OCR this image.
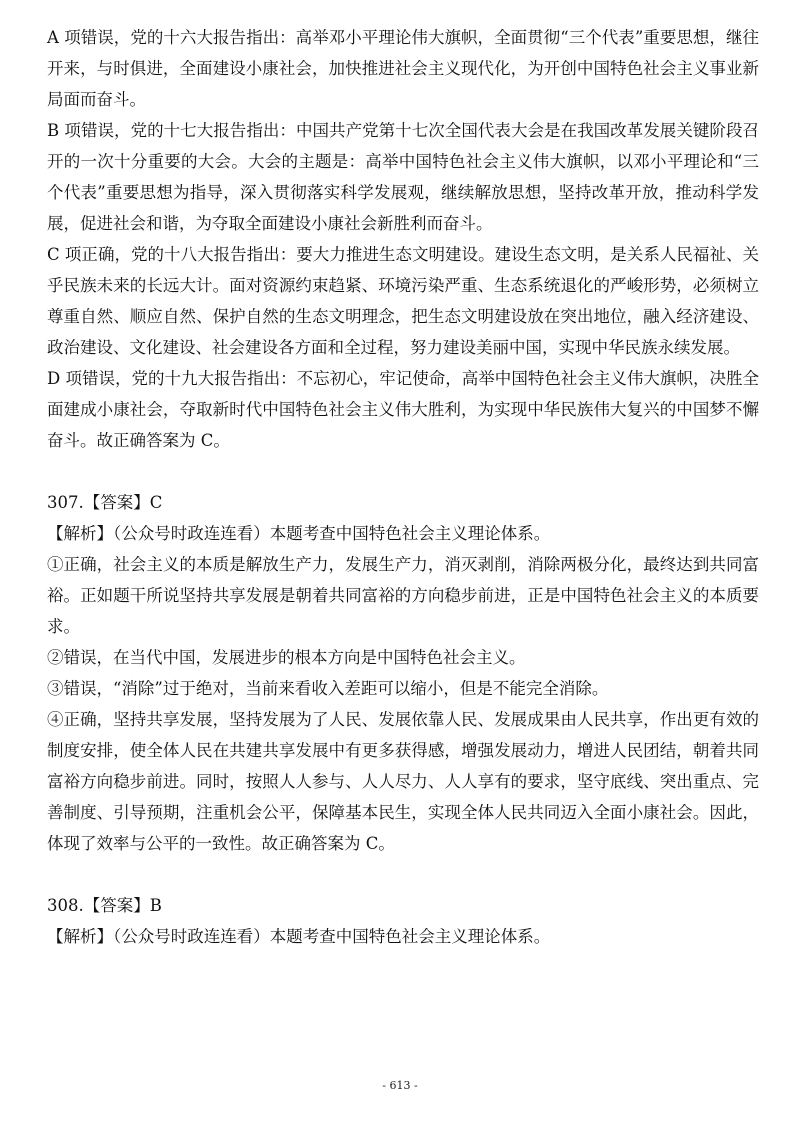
A 项错误，党的十六大报告指出：高举邓小平理论伟大旗帜，全面贯彻“三个代表”重要思想，继往开来，与时俱进，全面建设小康社会，加快推进社会主义现代化，为开创中国特色社会主义事业新局面而奋斗。

B 项错误，党的十七大报告指出：中国共产党第十七次全国代表大会是在我国改革发展关键阶段召开的一次十分重要的大会。大会的主题是：高举中国特色社会主义伟大旗帜，以邓小平理论和“三个代表”重要思想为指导，深入贯彻落实科学发展观，继续解放思想，坚持改革开放，推动科学发展，促进社会和谐，为夺取全面建设小康社会新胜利而奋斗。

C 项正确，党的十八大报告指出：要大力推进生态文明建设。建设生态文明，是关系人民福祉、关乎民族未来的长远大计。面对资源约束趋紧、环境污染严重、生态系统退化的严峻形势，必须树立尊重自然、顺应自然、保护自然的生态文明理念，把生态文明建设放在突出地位，融入经济建设、政治建设、文化建设、社会建设各方面和全过程，努力建设美丽中国，实现中华民族永续发展。

D 项错误，党的十九大报告指出：不忘初心，牢记使命，高举中国特色社会主义伟大旗帜，决胜全面建成小康社会，夺取新时代中国特色社会主义伟大胜利，为实现中华民族伟大复兴的中国梦不懈奋斗。故正确答案为 C。

307.【答案】C

【解析】（公众号时政连连看）本题考查中国特色社会主义理论体系。

①正确，社会主义的本质是解放生产力，发展生产力，消灭剥削，消除两极分化，最终达到共同富裕。正如题干所说坚持共享发展是朝着共同富裕的方向稳步前进，正是中国特色社会主义的本质要求。

②错误，在当代中国，发展进步的根本方向是中国特色社会主义。

③错误，“消除”过于绝对，当前来看收入差距可以缩小，但是不能完全消除。

④正确，坚持共享发展，坚持发展为了人民、发展依靠人民、发展成果由人民共享，作出更有效的制度安排，使全体人民在共建共享发展中有更多获得感，增强发展动力，增进人民团结，朝着共同富裕方向稳步前进。同时，按照人人参与、人人尽力、人人享有的要求，坚守底线、突出重点、完善制度、引导预期，注重机会公平，保障基本民生，实现全体人民共同迈入全面小康社会。因此，体现了效率与公平的一致性。故正确答案为 C。

308.【答案】B

【解析】（公众号时政连连看）本题考查中国特色社会主义理论体系。

- 613 -
